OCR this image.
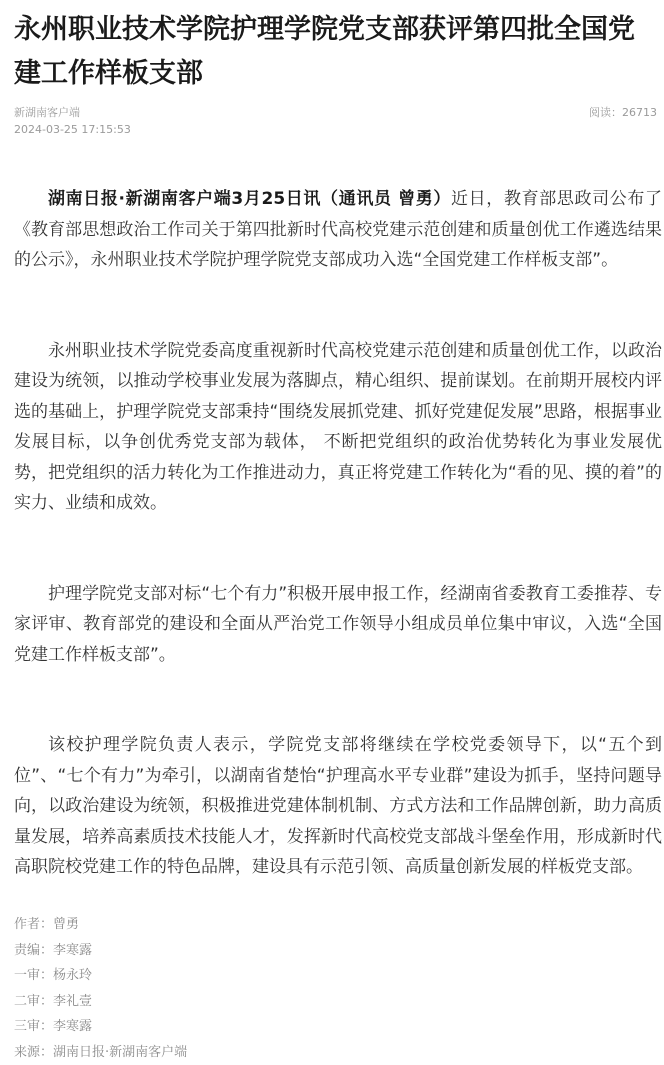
永州职业技术学院护理学院党支部获评第四批全国党建工作样板支部
新湖南客户端
2024-03-25 17:15:53
阅读：26713

湖南日报·新湖南客户端3月25日讯（通讯员 曾勇）近日，教育部思政司公布了《教育部思想政治工作司关于第四批新时代高校党建示范创建和质量创优工作遴选结果的公示》，永州职业技术学院护理学院党支部成功入选“全国党建工作样板支部”。

永州职业技术学院党委高度重视新时代高校党建示范创建和质量创优工作，以政治建设为统领，以推动学校事业发展为落脚点，精心组织、提前谋划。在前期开展校内评选的基础上，护理学院党支部秉持“围绕发展抓党建、抓好党建促发展”思路，根据事业发展目标，以争创优秀党支部为载体， 不断把党组织的政治优势转化为事业发展优势，把党组织的活力转化为工作推进动力，真正将党建工作转化为“看的见、摸的着”的实力、业绩和成效。

护理学院党支部对标“七个有力”积极开展申报工作，经湖南省委教育工委推荐、专家评审、教育部党的建设和全面从严治党工作领导小组成员单位集中审议，入选“全国党建工作样板支部”。

该校护理学院负责人表示，学院党支部将继续在学校党委领导下，以“五个到位”、“七个有力”为牵引，以湖南省楚怡“护理高水平专业群”建设为抓手，坚持问题导向，以政治建设为统领，积极推进党建体制机制、方式方法和工作品牌创新，助力高质量发展，培养高素质技术技能人才，发挥新时代高校党支部战斗堡垒作用，形成新时代高职院校党建工作的特色品牌，建设具有示范引领、高质量创新发展的样板党支部。

作者：曾勇
责编：李寒露
一审：杨永玲
二审：李礼壹
三审：李寒露
来源：湖南日报·新湖南客户端
